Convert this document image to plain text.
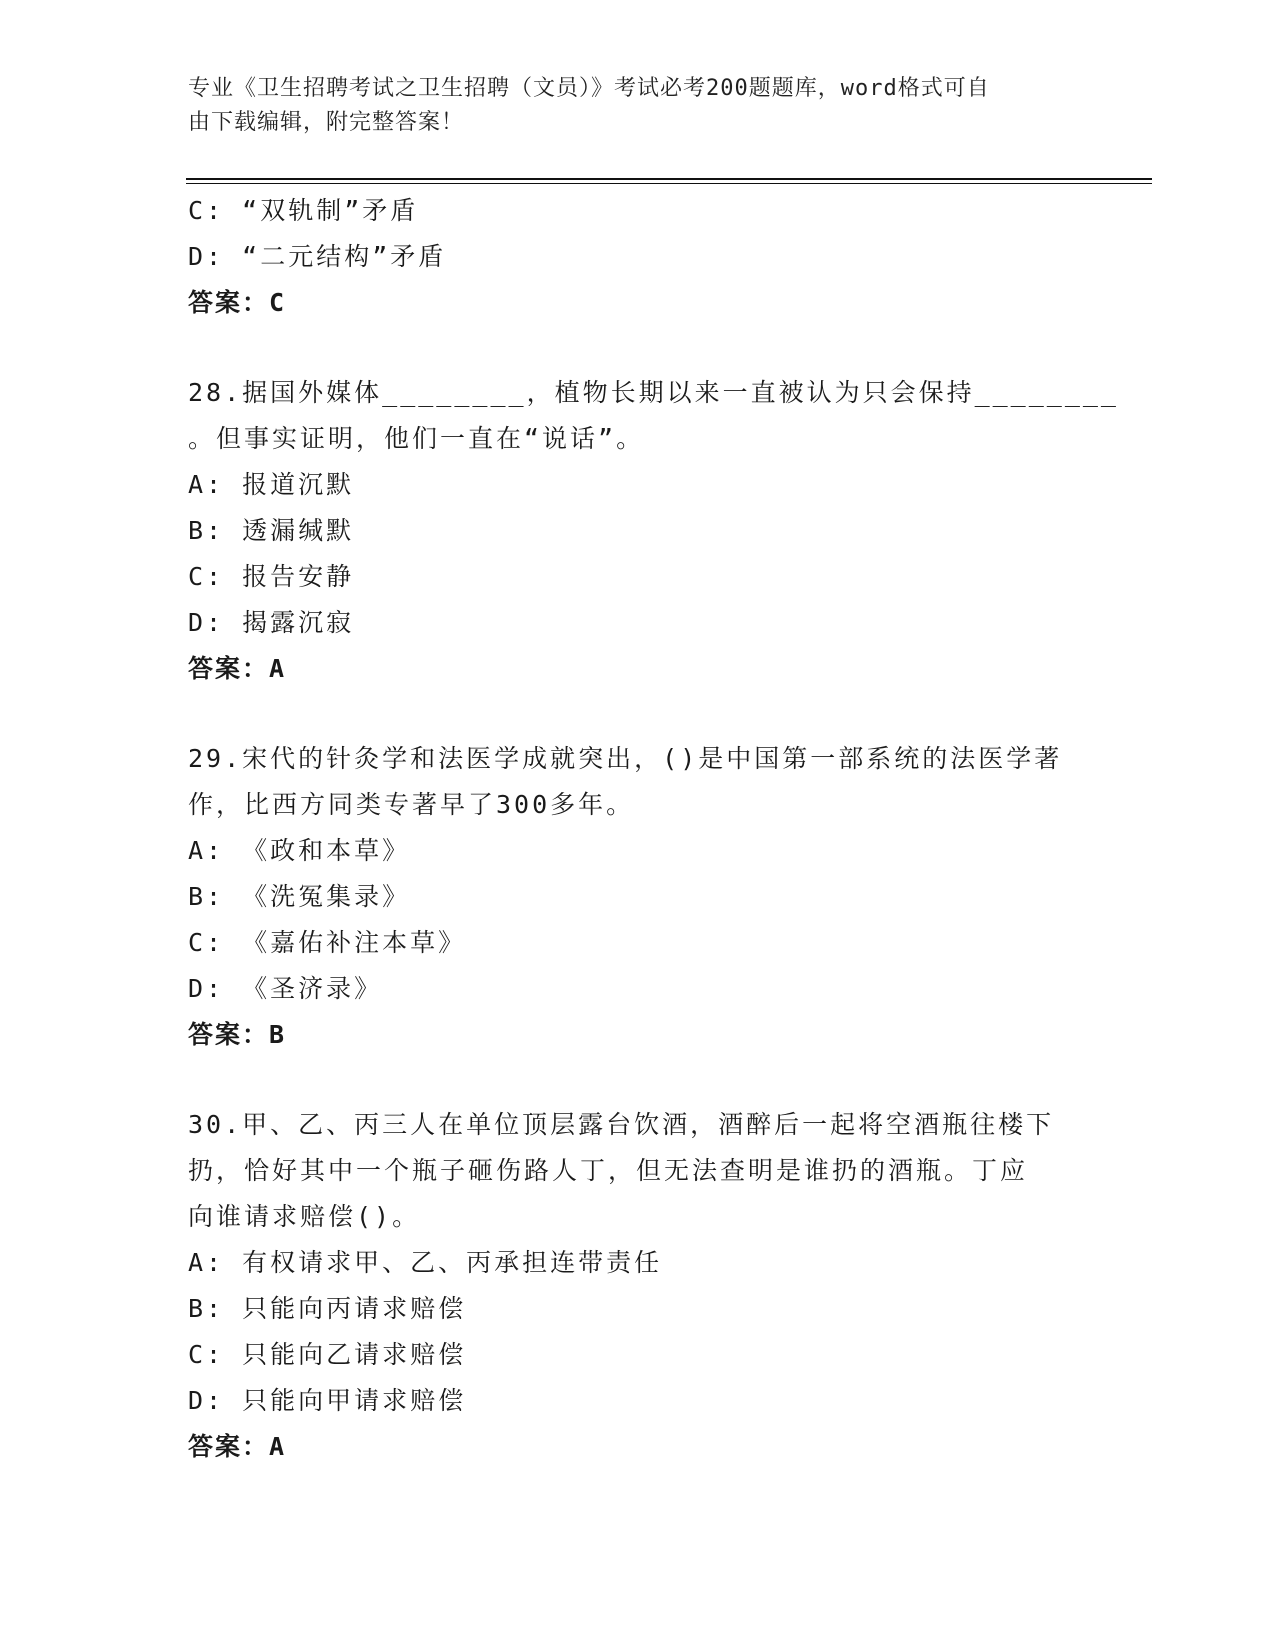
专业《卫生招聘考试之卫生招聘（文员）》考试必考200题题库，word格式可自
由下载编辑，附完整答案！
C: “双轨制”矛盾
D: “二元结构”矛盾
答案：C
28.据国外媒体________，植物长期以来一直被认为只会保持________
。但事实证明，他们一直在“说话”。
A: 报道沉默
B: 透漏缄默
C: 报告安静
D: 揭露沉寂
答案：A
29.宋代的针灸学和法医学成就突出，()是中国第一部系统的法医学著
作，比西方同类专著早了300多年。
A: 《政和本草》
B: 《洗冤集录》
C: 《嘉佑补注本草》
D: 《圣济录》
答案：B
30.甲、乙、丙三人在单位顶层露台饮酒，酒醉后一起将空酒瓶往楼下
扔，恰好其中一个瓶子砸伤路人丁，但无法查明是谁扔的酒瓶。丁应
向谁请求赔偿()。
A: 有权请求甲、乙、丙承担连带责任
B: 只能向丙请求赔偿
C: 只能向乙请求赔偿
D: 只能向甲请求赔偿
答案：A
